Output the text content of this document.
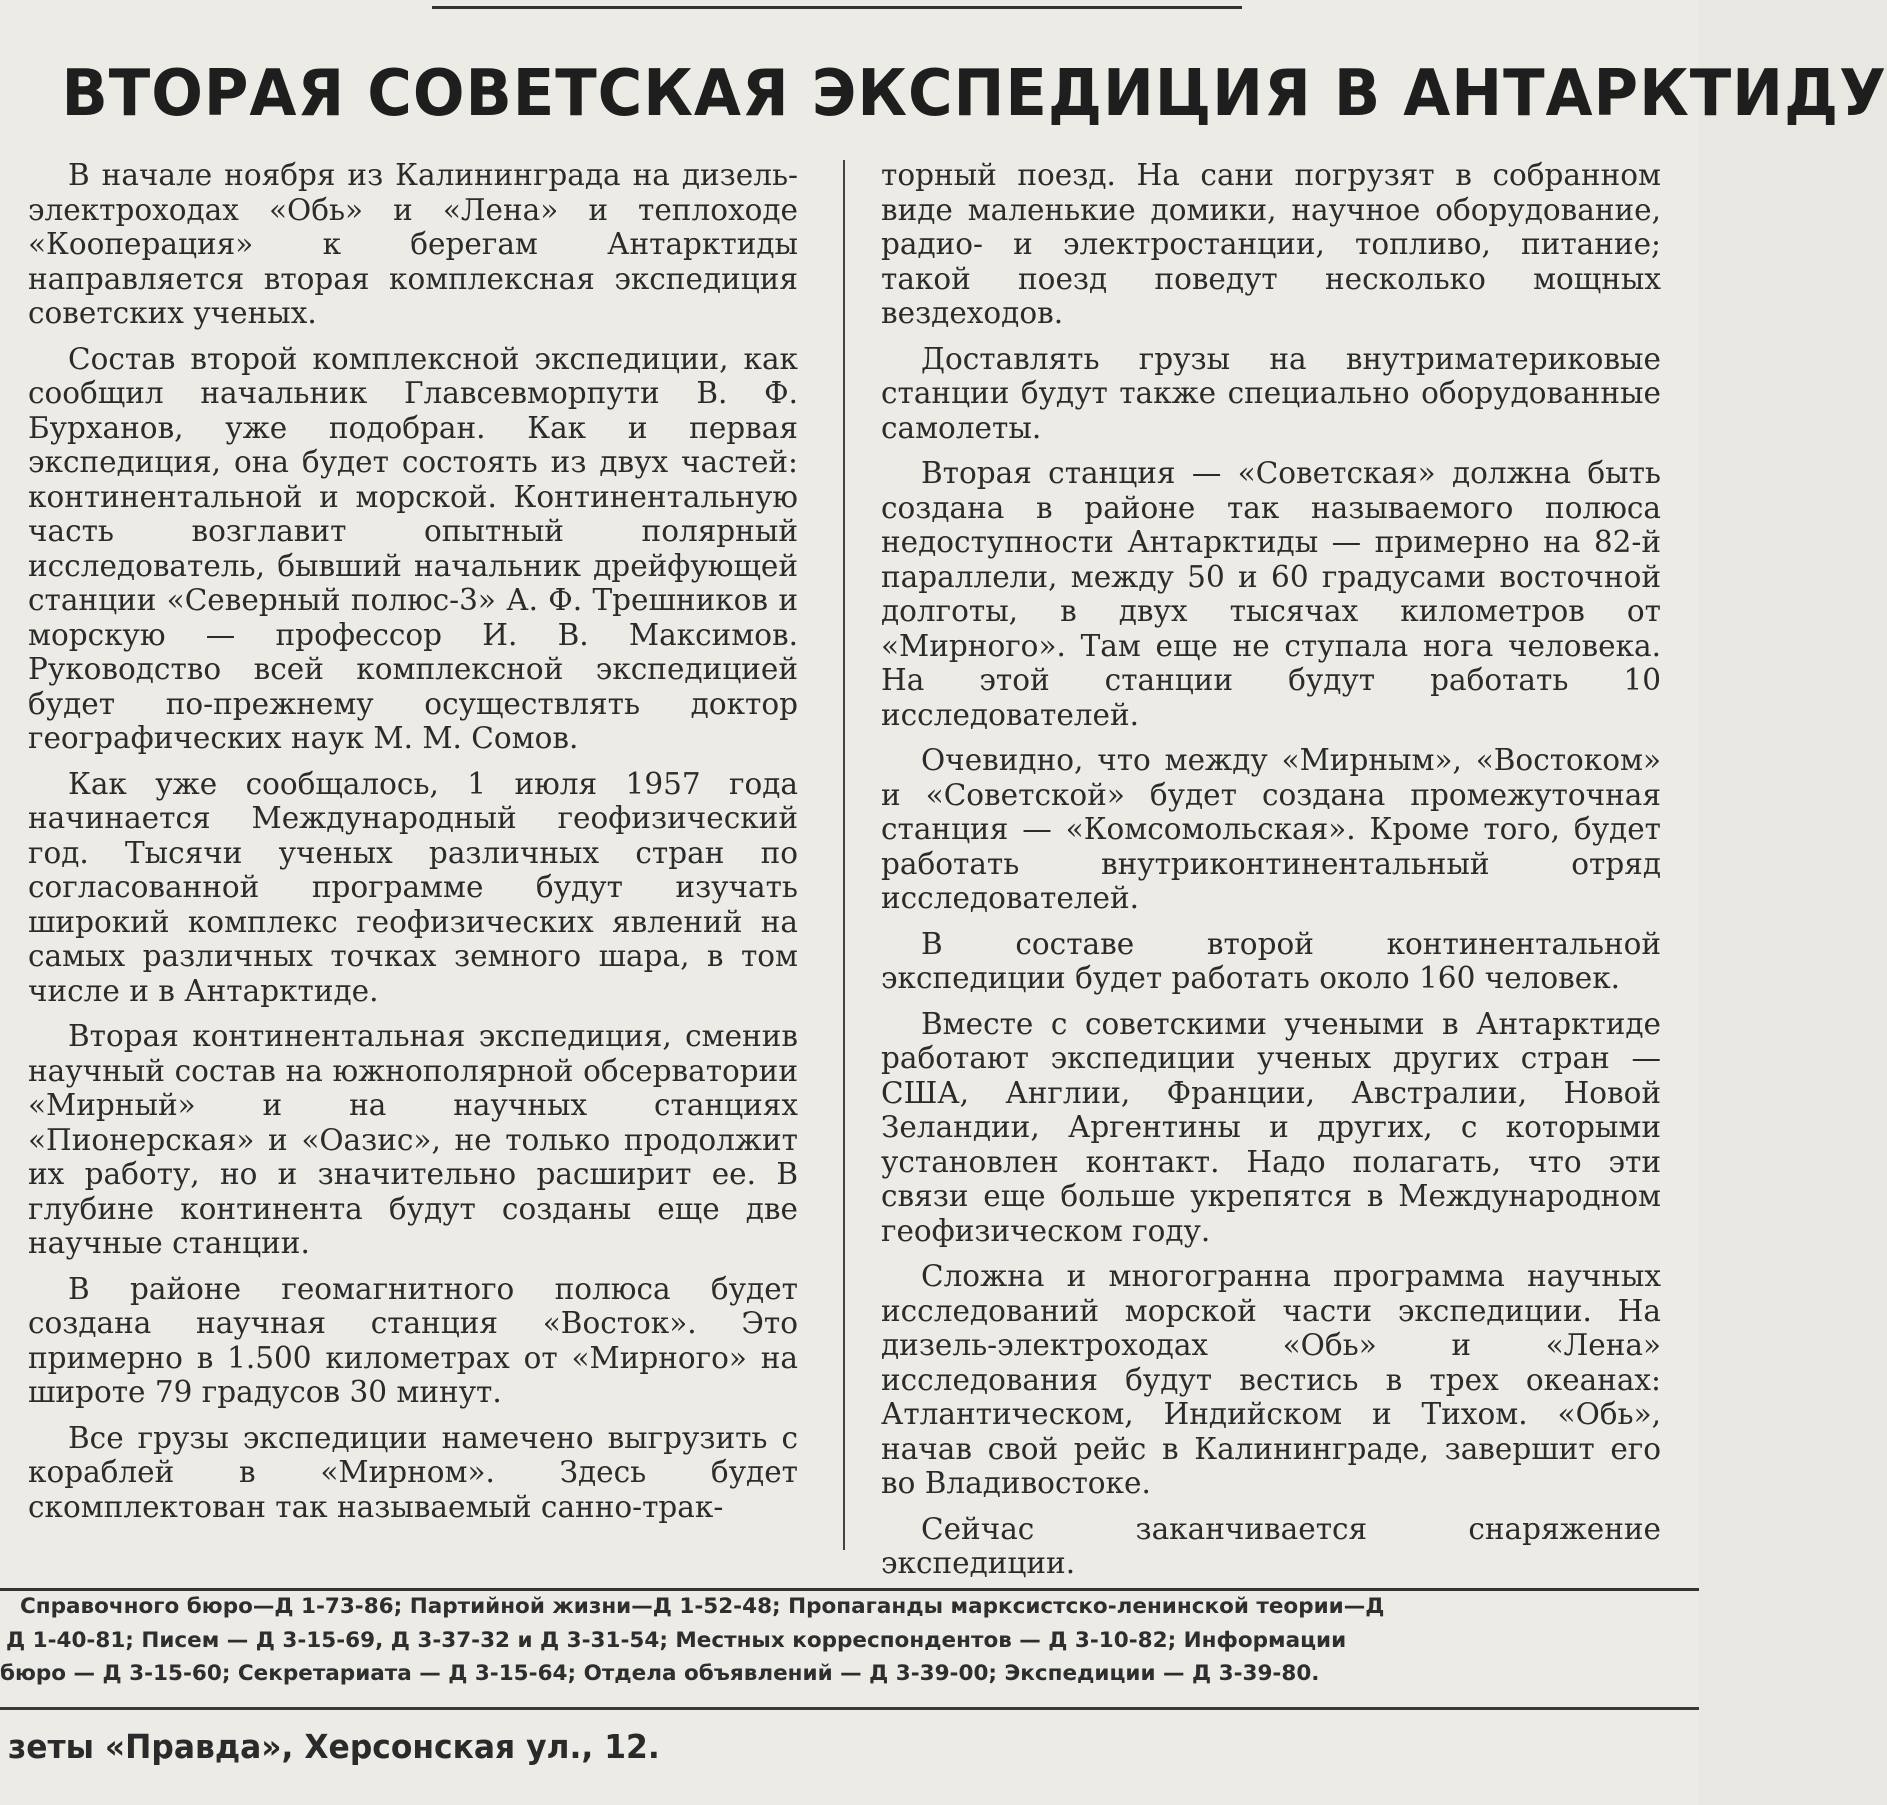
ВТОРАЯ СОВЕТСКАЯ ЭКСПЕДИЦИЯ В АНТАРКТИДУ

В начале ноября из Калининграда на дизель-электроходах «Обь» и «Лена» и теплоходе «Кооперация» к берегам Антарктиды направляется вторая комплексная экспедиция советских ученых.

Состав второй комплексной экспедиции, как сообщил начальник Главсевморпути В. Ф. Бурханов, уже подобран. Как и первая экспедиция, она будет состоять из двух частей: континентальной и морской. Континентальную часть возглавит опытный полярный исследователь, бывший начальник дрейфующей станции «Северный полюс-3» А. Ф. Трешников и морскую — профессор И. В. Максимов. Руководство всей комплексной экспедицией будет по-прежнему осуществлять доктор географических наук М. М. Сомов.

Как уже сообщалось, 1 июля 1957 года начинается Международный геофизический год. Тысячи ученых различных стран по согласованной программе будут изучать широкий комплекс геофизических явлений на самых различных точках земного шара, в том числе и в Антарктиде.

Вторая континентальная экспедиция, сменив научный состав на южнополярной обсерватории «Мирный» и на научных станциях «Пионерская» и «Оазис», не только продолжит их работу, но и значительно расширит ее. В глубине континента будут созданы еще две научные станции.

В районе геомагнитного полюса будет создана научная станция «Восток». Это примерно в 1.500 километрах от «Мирного» на широте 79 градусов 30 минут.

Все грузы экспедиции намечено выгрузить с кораблей в «Мирном». Здесь будет скомплектован так называемый санно-трак-

торный поезд. На сани погрузят в собранном виде маленькие домики, научное оборудование, радио- и электростанции, топливо, питание; такой поезд поведут несколько мощных вездеходов.

Доставлять грузы на внутриматериковые станции будут также специально оборудованные самолеты.

Вторая станция — «Советская» должна быть создана в районе так называемого полюса недоступности Антарктиды — примерно на 82-й параллели, между 50 и 60 градусами восточной долготы, в двух тысячах километров от «Мирного». Там еще не ступала нога человека. На этой станции будут работать 10 исследователей.

Очевидно, что между «Мирным», «Востоком» и «Советской» будет создана промежуточная станция — «Комсомольская». Кроме того, будет работать внутриконтинентальный отряд исследователей.

В составе второй континентальной экспедиции будет работать около 160 человек.

Вместе с советскими учеными в Антарктиде работают экспедиции ученых других стран — США, Англии, Франции, Австралии, Новой Зеландии, Аргентины и других, с которыми установлен контакт. Надо полагать, что эти связи еще больше укрепятся в Международном геофизическом году.

Сложна и многогранна программа научных исследований морской части экспедиции. На дизель-электроходах «Обь» и «Лена» исследования будут вестись в трех океанах: Атлантическом, Индийском и Тихом. «Обь», начав свой рейс в Калининграде, завершит его во Владивостоке.

Сейчас заканчивается снаряжение экспедиции.

Справочного бюро—Д 1-73-86; Партийной жизни—Д 1-52-48; Пропаганды марксистско-ленинской теории—Д
Д 1-40-81; Писем — Д 3-15-69, Д 3-37-32 и Д 3-31-54; Местных корреспондентов — Д 3-10-82; Информации
бюро — Д 3-15-60; Секретариата — Д 3-15-64; Отдела объявлений — Д 3-39-00; Экспедиции — Д 3-39-80.
зеты «Правда», Херсонская ул., 12.
